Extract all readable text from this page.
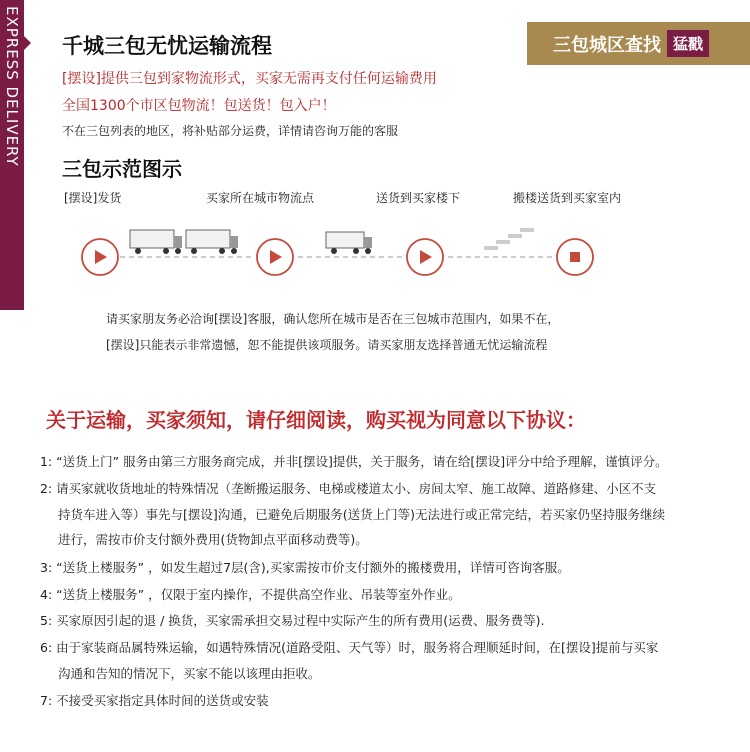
EXPRESS DELIVERY 千城三包无忧运输流程	三包城区查找 猛戳
[摆设]提供三包到家物流形式，买家无需再支付任何运输费用
全国1300个市区包物流！包送货！包入户！
不在三包列表的地区，将补贴部分运费，详情请咨询万能的客服
三包示范图示
[摆设]发货	买家所在城市物流点	送货到买家楼下	搬楼送货到买家室内
请买家朋友务必洽询[摆设]客服，确认您所在城市是否在三包城市范围内，如果不在，
[摆设]只能表示非常遗憾，恕不能提供该项服务。请买家朋友选择普通无忧运输流程
关于运输，买家须知，请仔细阅读，购买视为同意以下协议：
1: “送货上门” 服务由第三方服务商完成，并非[摆设]提供，关于服务，请在给[摆设]评分中给予理解，谨慎评分。
2: 请买家就收货地址的特殊情况（垄断搬运服务、电梯或楼道太小、房间太窄、施工故障、道路修建、小区不支
持货车进入等）事先与[摆设]沟通，已避免后期服务(送货上门等)无法进行或正常完结，若买家仍坚持服务继续
进行，需按市价支付额外费用(货物卸点平面移动费等)。
3: “送货上楼服务” ，如发生超过7层(含),买家需按市价支付额外的搬楼费用，详情可咨询客服。
4: “送货上楼服务” ，仅限于室内操作，不提供高空作业、吊装等室外作业。
5: 买家原因引起的退 / 换货，买家需承担交易过程中实际产生的所有费用(运费、服务费等).
6: 由于家装商品属特殊运输，如遇特殊情况(道路受阻、天气等）时，服务将合理顺延时间，在[摆设]提前与买家
沟通和告知的情况下，买家不能以该理由拒收。
7: 不接受买家指定具体时间的送货或安装
